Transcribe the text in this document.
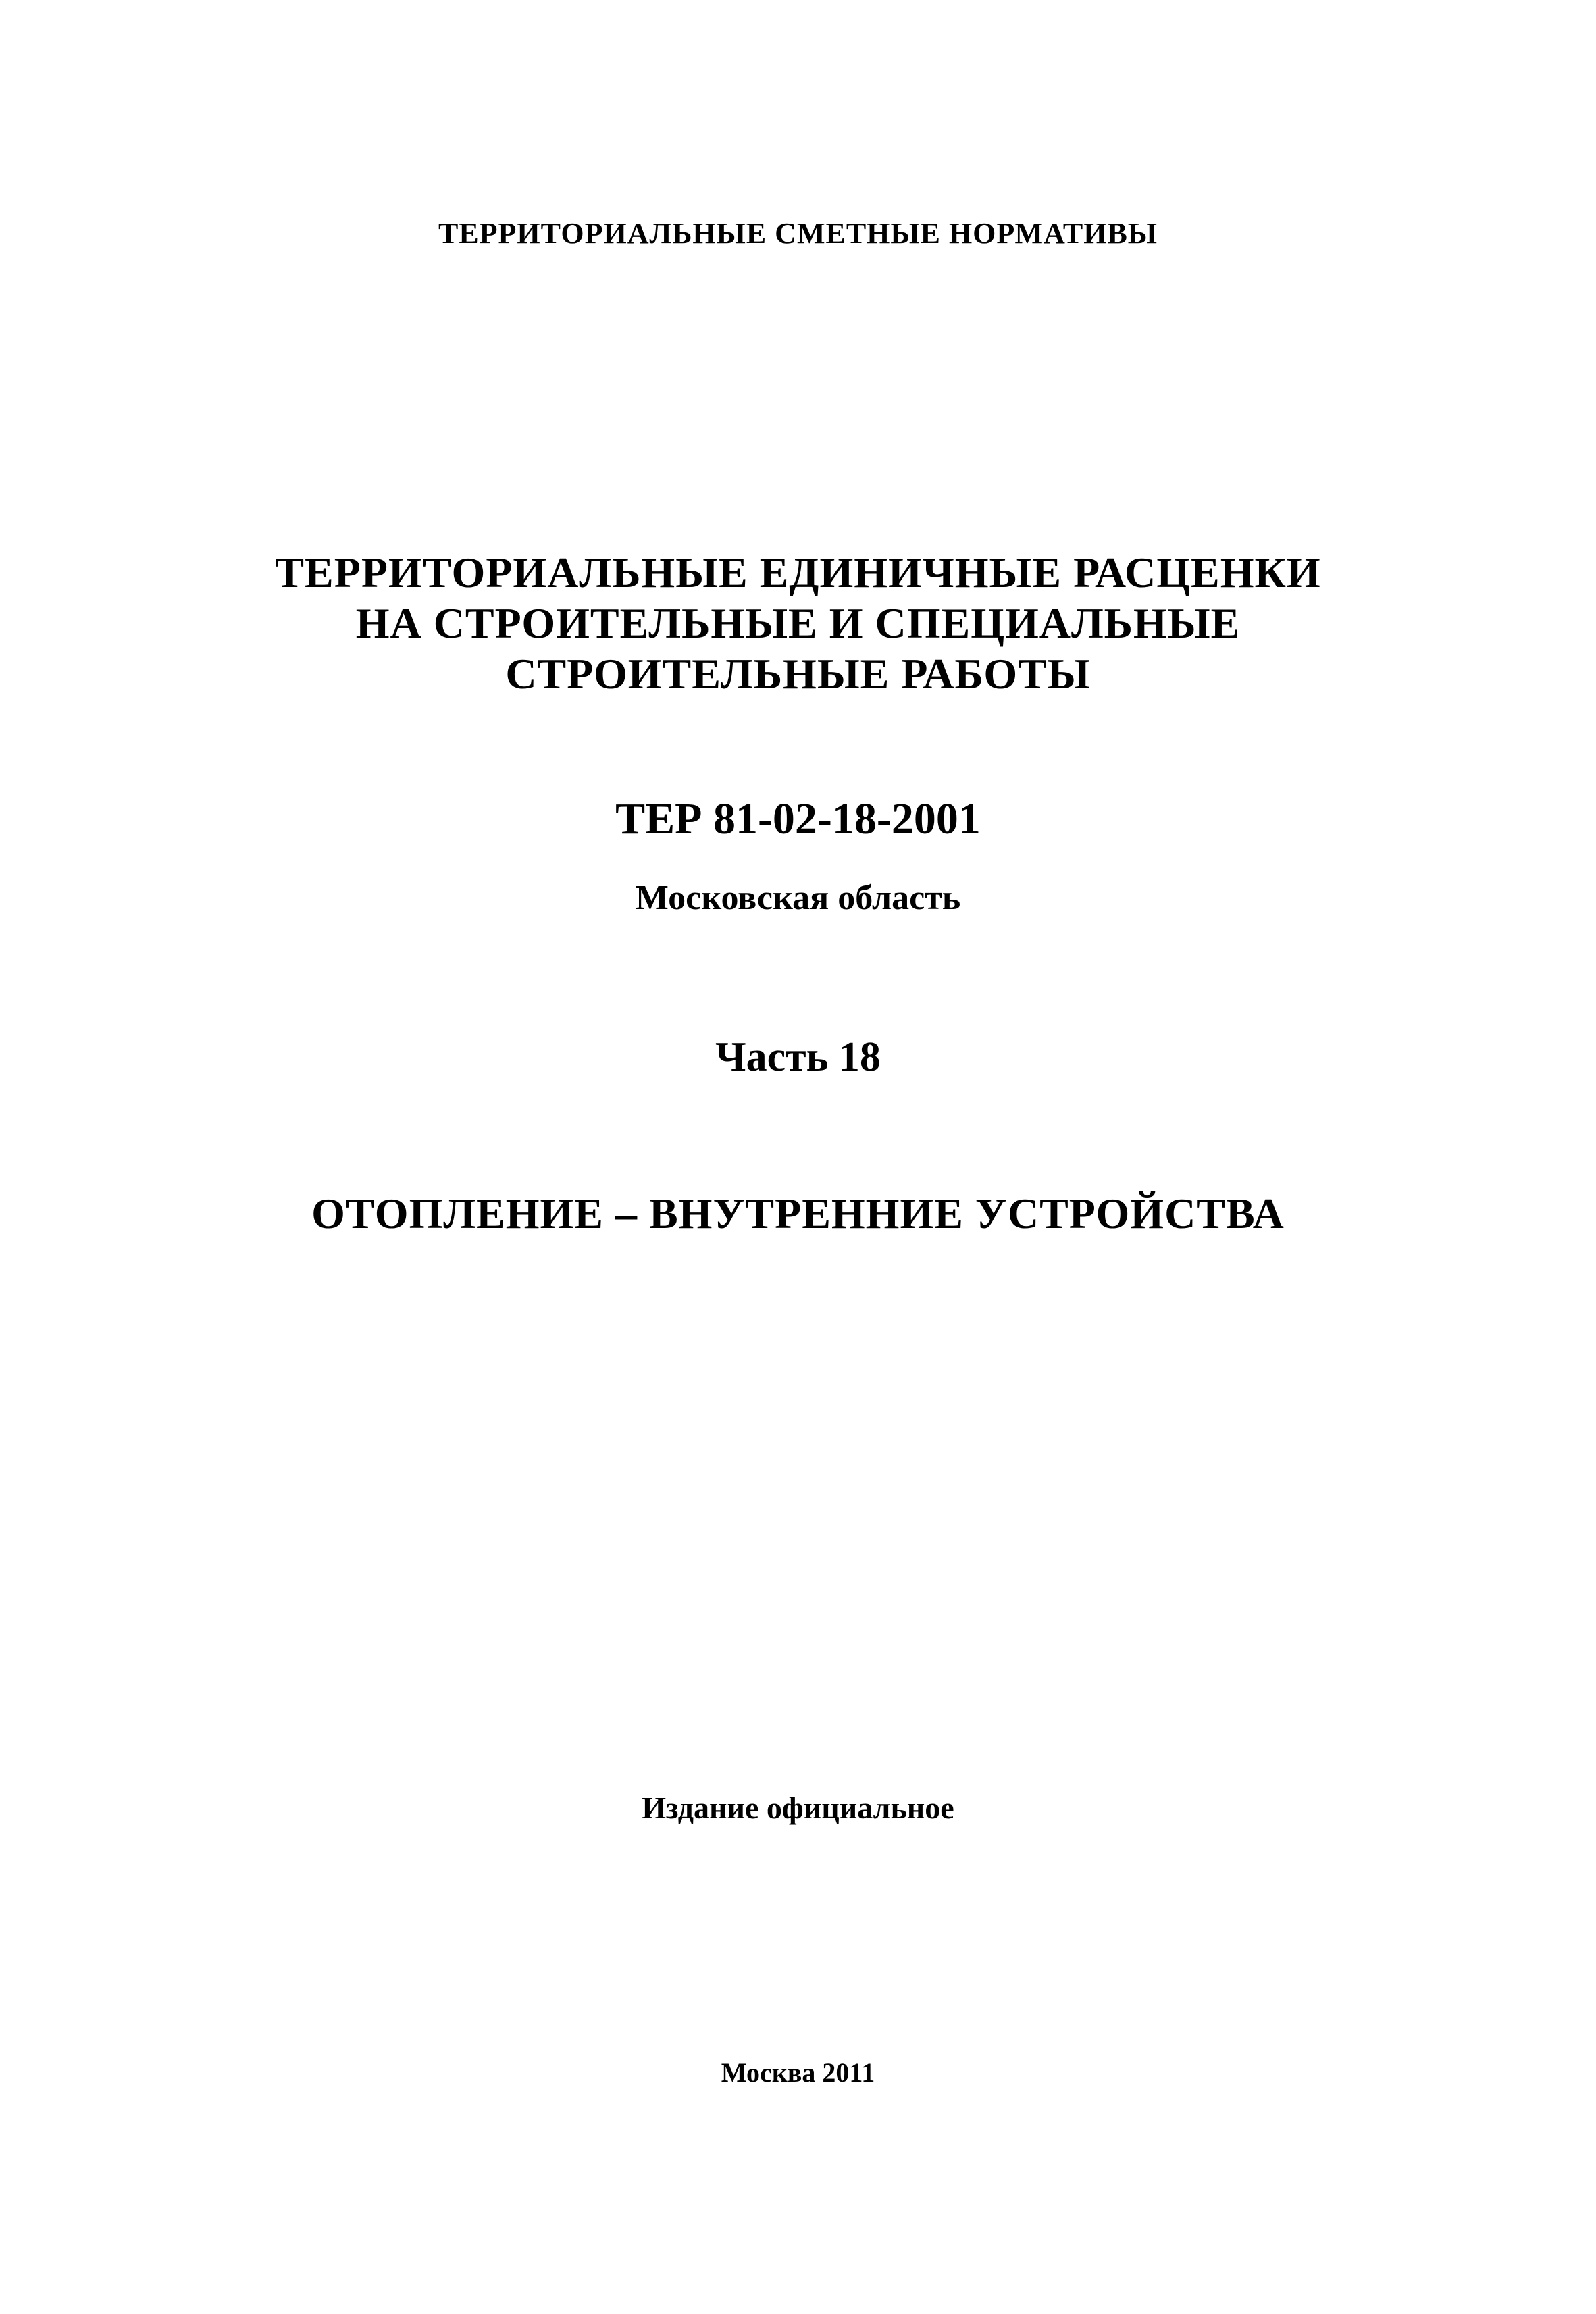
ТЕРРИТОРИАЛЬНЫЕ СМЕТНЫЕ НОРМАТИВЫ

ТЕРРИТОРИАЛЬНЫЕ ЕДИНИЧНЫЕ РАСЦЕНКИ
НА СТРОИТЕЛЬНЫЕ И СПЕЦИАЛЬНЫЕ
СТРОИТЕЛЬНЫЕ РАБОТЫ

ТЕР 81-02-18-2001

Московская область

Часть 18

ОТОПЛЕНИЕ – ВНУТРЕННИЕ УСТРОЙСТВА

Издание официальное

Москва 2011
